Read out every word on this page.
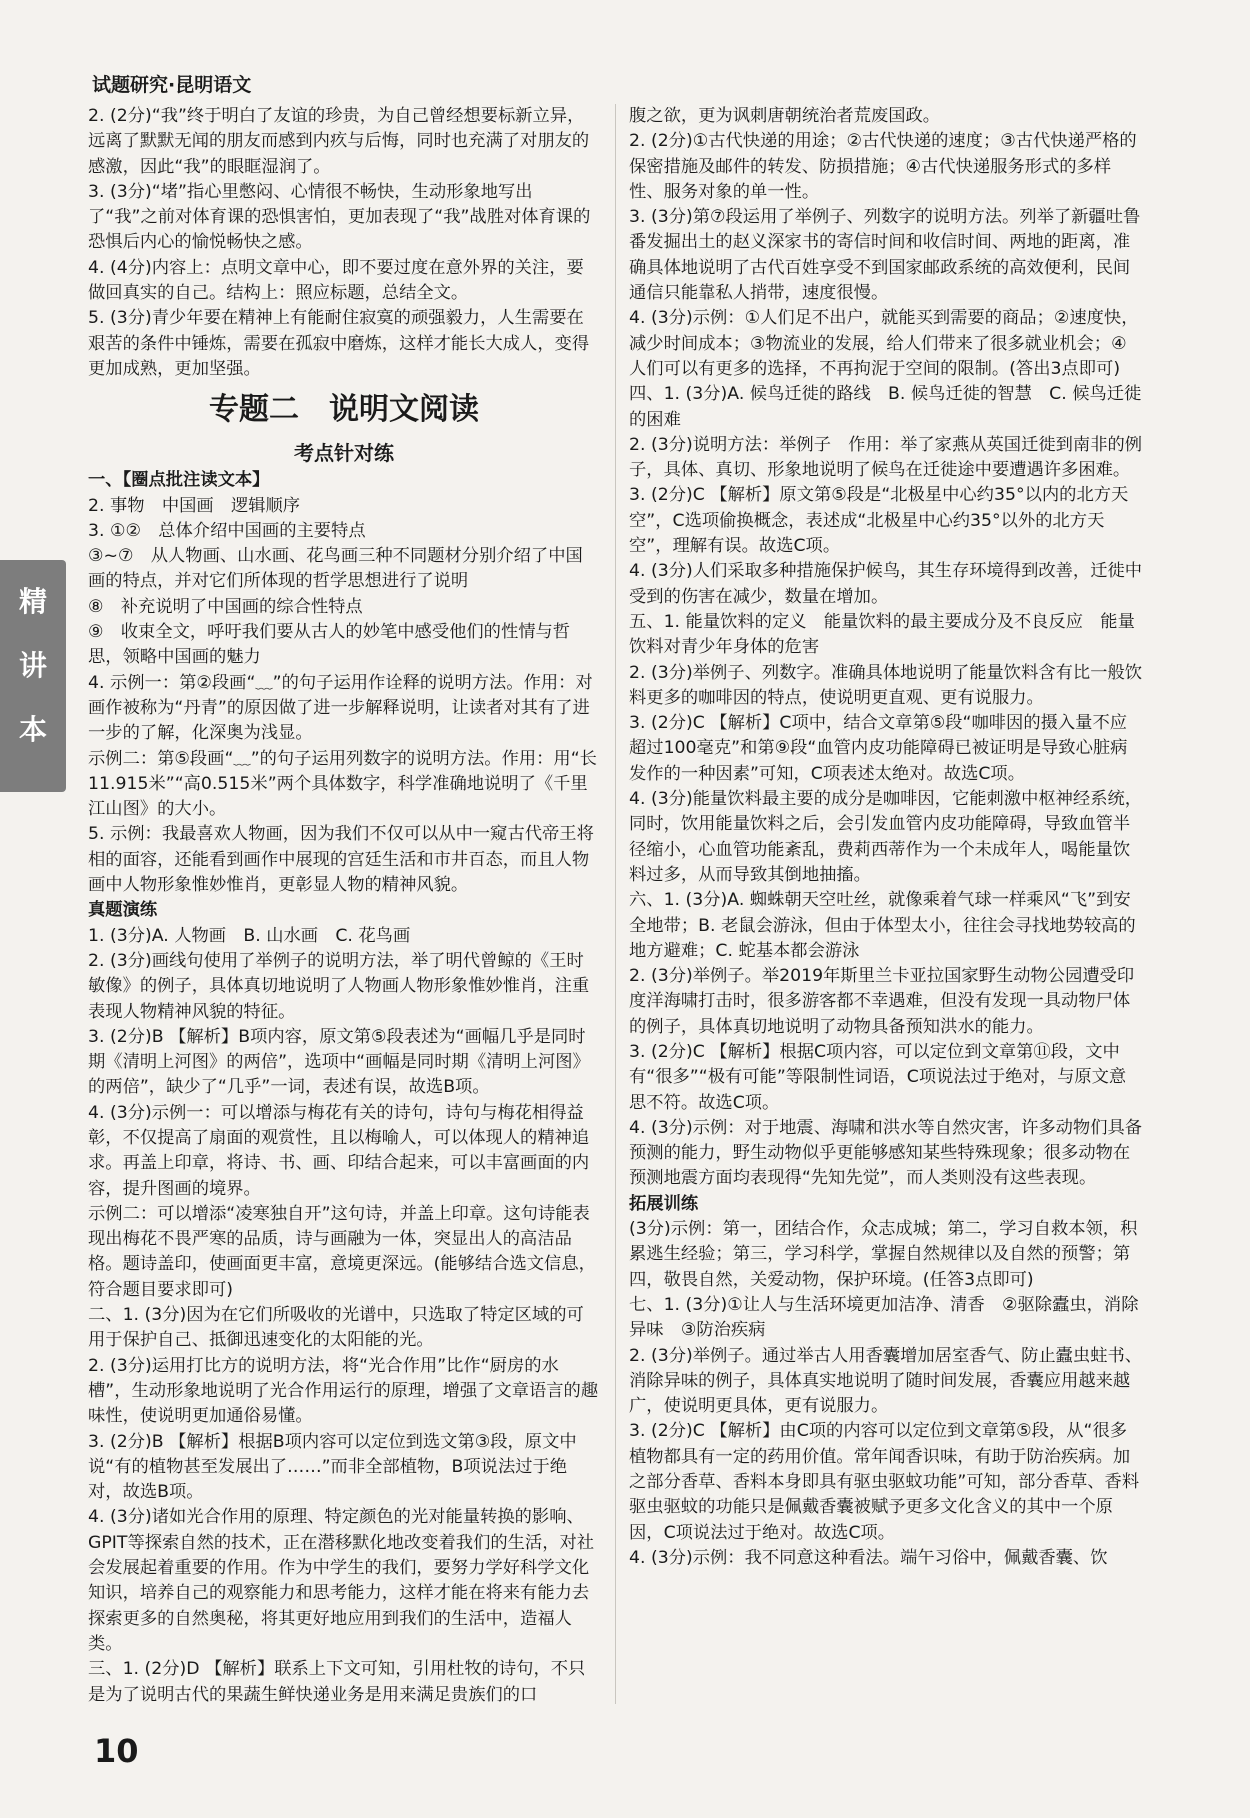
试题研究·昆明语文
精
讲
本
2. (2分)“我”终于明白了友谊的珍贵，为自己曾经想要标新立异，远离了默默无闻的朋友而感到内疚与后悔，同时也充满了对朋友的感激，因此“我”的眼眶湿润了。
3. (3分)“堵”指心里憋闷、心情很不畅快，生动形象地写出了“我”之前对体育课的恐惧害怕，更加表现了“我”战胜对体育课的恐惧后内心的愉悦畅快之感。
4. (4分)内容上：点明文章中心，即不要过度在意外界的关注，要做回真实的自己。结构上：照应标题，总结全文。
5. (3分)青少年要在精神上有能耐住寂寞的顽强毅力，人生需要在艰苦的条件中锤炼，需要在孤寂中磨炼，这样才能长大成人，变得更加成熟，更加坚强。
专题二　说明文阅读
考点针对练
一、【圈点批注读文本】
2. 事物　中国画　逻辑顺序
3. ①②　总体介绍中国画的主要特点
③~⑦　从人物画、山水画、花鸟画三种不同题材分别介绍了中国画的特点，并对它们所体现的哲学思想进行了说明
⑧　补充说明了中国画的综合性特点
⑨　收束全文，呼吁我们要从古人的妙笔中感受他们的性情与哲思，领略中国画的魅力
4. 示例一：第②段画“﹏”的句子运用作诠释的说明方法。作用：对画作被称为“丹青”的原因做了进一步解释说明，让读者对其有了进一步的了解，化深奥为浅显。
示例二：第⑤段画“﹏”的句子运用列数字的说明方法。作用：用“长11.915米”“高0.515米”两个具体数字，科学准确地说明了《千里江山图》的大小。
5. 示例：我最喜欢人物画，因为我们不仅可以从中一窥古代帝王将相的面容，还能看到画作中展现的宫廷生活和市井百态，而且人物画中人物形象惟妙惟肖，更彰显人物的精神风貌。
真题演练
1. (3分)A. 人物画　B. 山水画　C. 花鸟画
2. (3分)画线句使用了举例子的说明方法，举了明代曾鲸的《王时敏像》的例子，具体真切地说明了人物画人物形象惟妙惟肖，注重表现人物精神风貌的特征。
3. (2分)B 【解析】B项内容，原文第⑤段表述为“画幅几乎是同时期《清明上河图》的两倍”，选项中“画幅是同时期《清明上河图》的两倍”，缺少了“几乎”一词，表述有误，故选B项。
4. (3分)示例一：可以增添与梅花有关的诗句，诗句与梅花相得益彰，不仅提高了扇面的观赏性，且以梅喻人，可以体现人的精神追求。再盖上印章，将诗、书、画、印结合起来，可以丰富画面的内容，提升图画的境界。
示例二：可以增添“凌寒独自开”这句诗，并盖上印章。这句诗能表现出梅花不畏严寒的品质，诗与画融为一体，突显出人的高洁品格。题诗盖印，使画面更丰富，意境更深远。(能够结合选文信息，符合题目要求即可)
二、1. (3分)因为在它们所吸收的光谱中，只选取了特定区域的可用于保护自己、抵御迅速变化的太阳能的光。
2. (3分)运用打比方的说明方法，将“光合作用”比作“厨房的水槽”，生动形象地说明了光合作用运行的原理，增强了文章语言的趣味性，使说明更加通俗易懂。
3. (2分)B 【解析】根据B项内容可以定位到选文第③段，原文中说“有的植物甚至发展出了……”而非全部植物，B项说法过于绝对，故选B项。
4. (3分)诸如光合作用的原理、特定颜色的光对能量转换的影响、GPIT等探索自然的技术，正在潜移默化地改变着我们的生活，对社会发展起着重要的作用。作为中学生的我们，要努力学好科学文化知识，培养自己的观察能力和思考能力，这样才能在将来有能力去探索更多的自然奥秘，将其更好地应用到我们的生活中，造福人类。
三、1. (2分)D 【解析】联系上下文可知，引用杜牧的诗句，不只是为了说明古代的果蔬生鲜快递业务是用来满足贵族们的口
腹之欲，更为讽刺唐朝统治者荒废国政。
2. (2分)①古代快递的用途；②古代快递的速度；③古代快递严格的保密措施及邮件的转发、防损措施；④古代快递服务形式的多样性、服务对象的单一性。
3. (3分)第⑦段运用了举例子、列数字的说明方法。列举了新疆吐鲁番发掘出土的赵义深家书的寄信时间和收信时间、两地的距离，准确具体地说明了古代百姓享受不到国家邮政系统的高效便利，民间通信只能靠私人捎带，速度很慢。
4. (3分)示例：①人们足不出户，就能买到需要的商品；②速度快，减少时间成本；③物流业的发展，给人们带来了很多就业机会；④人们可以有更多的选择，不再拘泥于空间的限制。(答出3点即可)
四、1. (3分)A. 候鸟迁徙的路线　B. 候鸟迁徙的智慧　C. 候鸟迁徙的困难
2. (3分)说明方法：举例子　作用：举了家燕从英国迁徙到南非的例子，具体、真切、形象地说明了候鸟在迁徙途中要遭遇许多困难。
3. (2分)C 【解析】原文第⑤段是“北极星中心约35°以内的北方天空”，C选项偷换概念，表述成“北极星中心约35°以外的北方天空”，理解有误。故选C项。
4. (3分)人们采取多种措施保护候鸟，其生存环境得到改善，迁徙中受到的伤害在减少，数量在增加。
五、1. 能量饮料的定义　能量饮料的最主要成分及不良反应　能量饮料对青少年身体的危害
2. (3分)举例子、列数字。准确具体地说明了能量饮料含有比一般饮料更多的咖啡因的特点，使说明更直观、更有说服力。
3. (2分)C 【解析】C项中，结合文章第⑤段“咖啡因的摄入量不应超过100毫克”和第⑨段“血管内皮功能障碍已被证明是导致心脏病发作的一种因素”可知，C项表述太绝对。故选C项。
4. (3分)能量饮料最主要的成分是咖啡因，它能刺激中枢神经系统，同时，饮用能量饮料之后，会引发血管内皮功能障碍，导致血管半径缩小，心血管功能紊乱，费莉西蒂作为一个未成年人，喝能量饮料过多，从而导致其倒地抽搐。
六、1. (3分)A. 蜘蛛朝天空吐丝，就像乘着气球一样乘风“飞”到安全地带；B. 老鼠会游泳，但由于体型太小，往往会寻找地势较高的地方避难；C. 蛇基本都会游泳
2. (3分)举例子。举2019年斯里兰卡亚拉国家野生动物公园遭受印度洋海啸打击时，很多游客都不幸遇难，但没有发现一具动物尸体的例子，具体真切地说明了动物具备预知洪水的能力。
3. (2分)C 【解析】根据C项内容，可以定位到文章第⑪段，文中有“很多”“极有可能”等限制性词语，C项说法过于绝对，与原文意思不符。故选C项。
4. (3分)示例：对于地震、海啸和洪水等自然灾害，许多动物们具备预测的能力，野生动物似乎更能够感知某些特殊现象；很多动物在预测地震方面均表现得“先知先觉”，而人类则没有这些表现。
拓展训练
(3分)示例：第一，团结合作，众志成城；第二，学习自救本领，积累逃生经验；第三，学习科学，掌握自然规律以及自然的预警；第四，敬畏自然，关爱动物，保护环境。(任答3点即可)
七、1. (3分)①让人与生活环境更加洁净、清香　②驱除蠹虫，消除异味　③防治疾病
2. (3分)举例子。通过举古人用香囊增加居室香气、防止蠹虫蛀书、消除异味的例子，具体真实地说明了随时间发展，香囊应用越来越广，使说明更具体，更有说服力。
3. (2分)C 【解析】由C项的内容可以定位到文章第⑤段，从“很多植物都具有一定的药用价值。常年闻香识味，有助于防治疾病。加之部分香草、香料本身即具有驱虫驱蚊功能”可知，部分香草、香料驱虫驱蚊的功能只是佩戴香囊被赋予更多文化含义的其中一个原因，C项说法过于绝对。故选C项。
4. (3分)示例：我不同意这种看法。端午习俗中，佩戴香囊、饮
10
